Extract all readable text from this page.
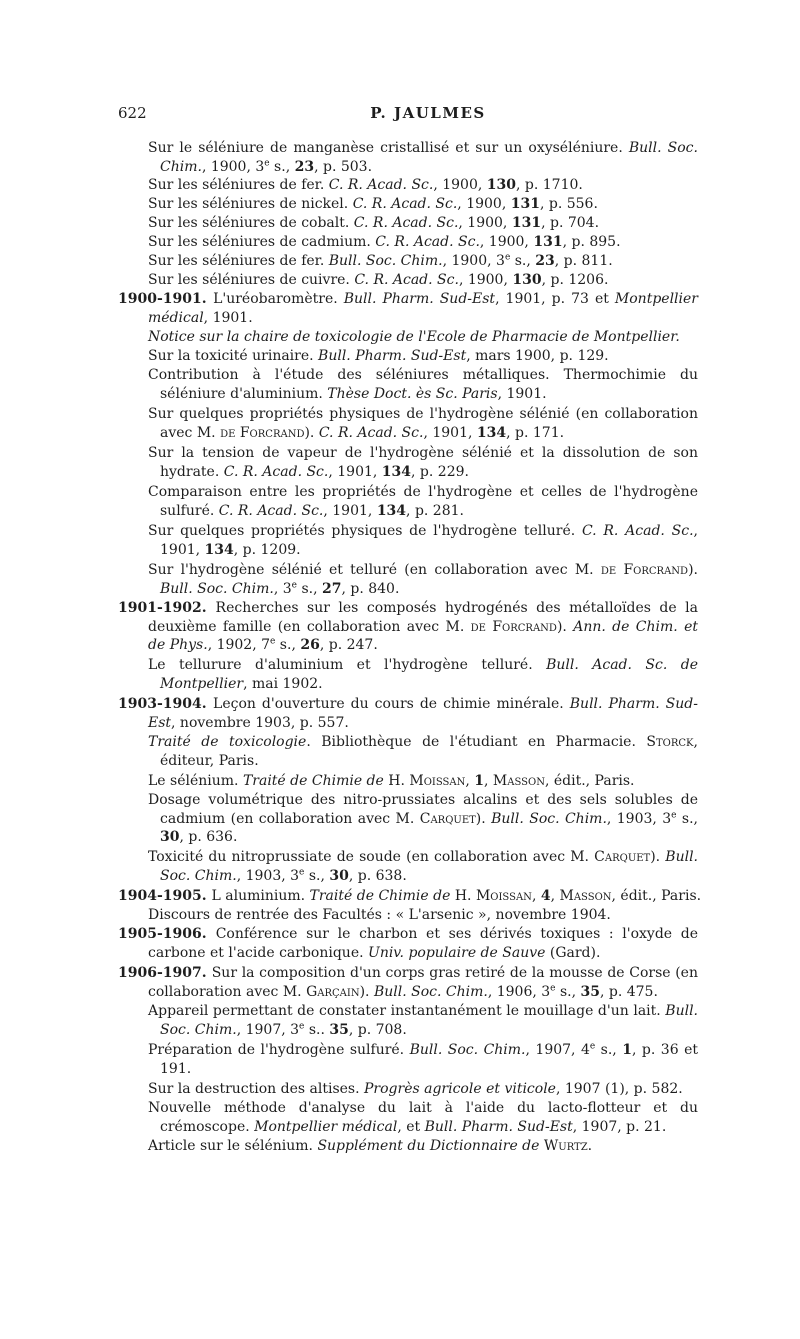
622	P. JAULMES
Sur le séléniure de manganèse cristallisé et sur un oxyséléniure. Bull. Soc. Chim., 1900, 3e s., 23, p. 503.
Sur les séléniures de fer. C. R. Acad. Sc., 1900, 130, p. 1710.
Sur les séléniures de nickel. C. R. Acad. Sc., 1900, 131, p. 556.
Sur les séléniures de cobalt. C. R. Acad. Sc., 1900, 131, p. 704.
Sur les séléniures de cadmium. C. R. Acad. Sc., 1900, 131, p. 895.
Sur les séléniures de fer. Bull. Soc. Chim., 1900, 3e s., 23, p. 811.
Sur les séléniures de cuivre. C. R. Acad. Sc., 1900, 130, p. 1206.
1900-1901. L'uréobaromètre. Bull. Pharm. Sud-Est, 1901, p. 73 et Montpellier médical, 1901.
Notice sur la chaire de toxicologie de l'Ecole de Pharmacie de Montpellier.
Sur la toxicité urinaire. Bull. Pharm. Sud-Est, mars 1900, p. 129.
Contribution à l'étude des séléniures métalliques. Thermochimie du séléniure d'aluminium. Thèse Doct. ès Sc. Paris, 1901.
Sur quelques propriétés physiques de l'hydrogène sélénié (en collaboration avec M. de Forcrand). C. R. Acad. Sc., 1901, 134, p. 171.
Sur la tension de vapeur de l'hydrogène sélénié et la dissolution de son hydrate. C. R. Acad. Sc., 1901, 134, p. 229.
Comparaison entre les propriétés de l'hydrogène et celles de l'hydrogène sulfuré. C. R. Acad. Sc., 1901, 134, p. 281.
Sur quelques propriétés physiques de l'hydrogène telluré. C. R. Acad. Sc., 1901, 134, p. 1209.
Sur l'hydrogène sélénié et telluré (en collaboration avec M. de Forcrand). Bull. Soc. Chim., 3e s., 27, p. 840.
1901-1902. Recherches sur les composés hydrogénés des métalloïdes de la deuxième famille (en collaboration avec M. de Forcrand). Ann. de Chim. et de Phys., 1902, 7e s., 26, p. 247.
Le tellurure d'aluminium et l'hydrogène telluré. Bull. Acad. Sc. de Montpellier, mai 1902.
1903-1904. Leçon d'ouverture du cours de chimie minérale. Bull. Pharm. Sud-Est, novembre 1903, p. 557.
Traité de toxicologie. Bibliothèque de l'étudiant en Pharmacie. Storck, éditeur, Paris.
Le sélénium. Traité de Chimie de H. Moissan, 1, Masson, édit., Paris.
Dosage volumétrique des nitro-prussiates alcalins et des sels solubles de cadmium (en collaboration avec M. Carquet). Bull. Soc. Chim., 1903, 3e s., 30, p. 636.
Toxicité du nitroprussiate de soude (en collaboration avec M. Carquet). Bull. Soc. Chim., 1903, 3e s., 30, p. 638.
1904-1905. L aluminium. Traité de Chimie de H. Moissan, 4, Masson, édit., Paris.
Discours de rentrée des Facultés : « L'arsenic », novembre 1904.
1905-1906. Conférence sur le charbon et ses dérivés toxiques : l'oxyde de carbone et l'acide carbonique. Univ. populaire de Sauve (Gard).
1906-1907. Sur la composition d'un corps gras retiré de la mousse de Corse (en collaboration avec M. Garçain). Bull. Soc. Chim., 1906, 3e s., 35, p. 475.
Appareil permettant de constater instantanément le mouillage d'un lait. Bull. Soc. Chim., 1907, 3e s.. 35, p. 708.
Préparation de l'hydrogène sulfuré. Bull. Soc. Chim., 1907, 4e s., 1, p. 36 et 191.
Sur la destruction des altises. Progrès agricole et viticole, 1907 (1), p. 582.
Nouvelle méthode d'analyse du lait à l'aide du lacto-flotteur et du crémoscope. Montpellier médical, et Bull. Pharm. Sud-Est, 1907, p. 21.
Article sur le sélénium. Supplément du Dictionnaire de Wurtz.
